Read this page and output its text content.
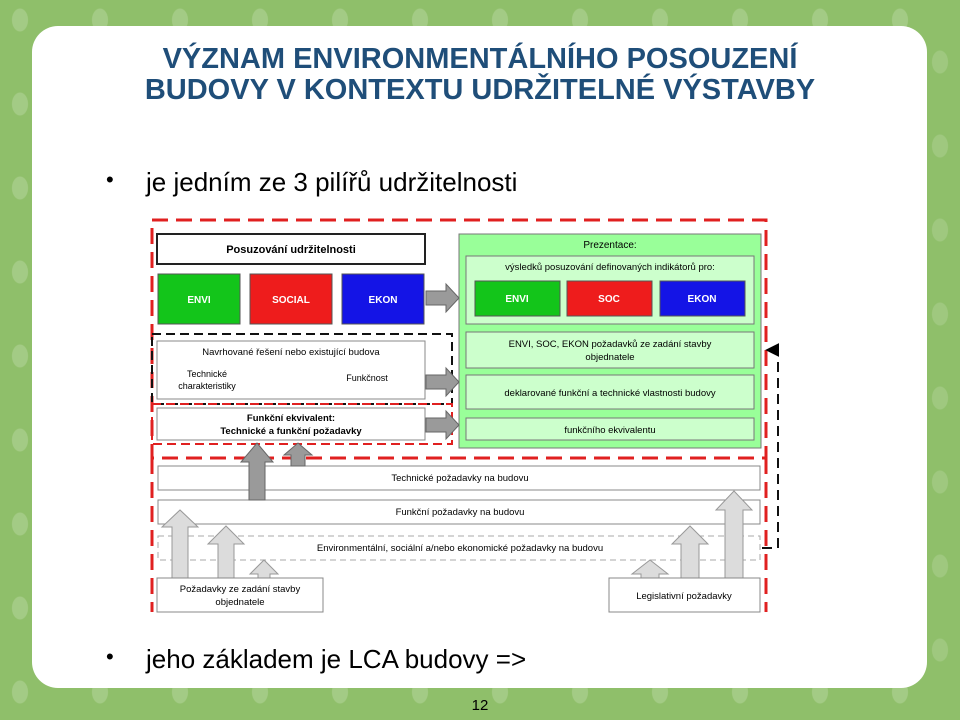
VÝZNAM ENVIRONMENTÁLNÍHO POSOUZENÍ
BUDOVY V KONTEXTU UDRŽITELNÉ VÝSTAVBY

• je jedním ze 3 pilířů udržitelnosti

Posuzování udržitelnosti
ENVI	SOCIAL	EKON
Prezentace:
výsledků posuzování definovaných indikátorů pro:
ENVI	SOC	EKON
ENVI, SOC, EKON požadavků ze zadání stavby
objednatele
deklarované funkční a technické vlastnosti budovy
funkčního ekvivalentu
Navrhované řešení nebo existující budova
Technické
charakteristiky
Funkčnost
Funkční ekvivalent:
Technické a funkční požadavky
Technické požadavky na budovu
Funkční požadavky na budovu
Environmentální, sociální a/nebo ekonomické požadavky na budovu
Požadavky ze zadání stavby
objednatele
Legislativní požadavky

• jeho základem je LCA budovy =>

12
